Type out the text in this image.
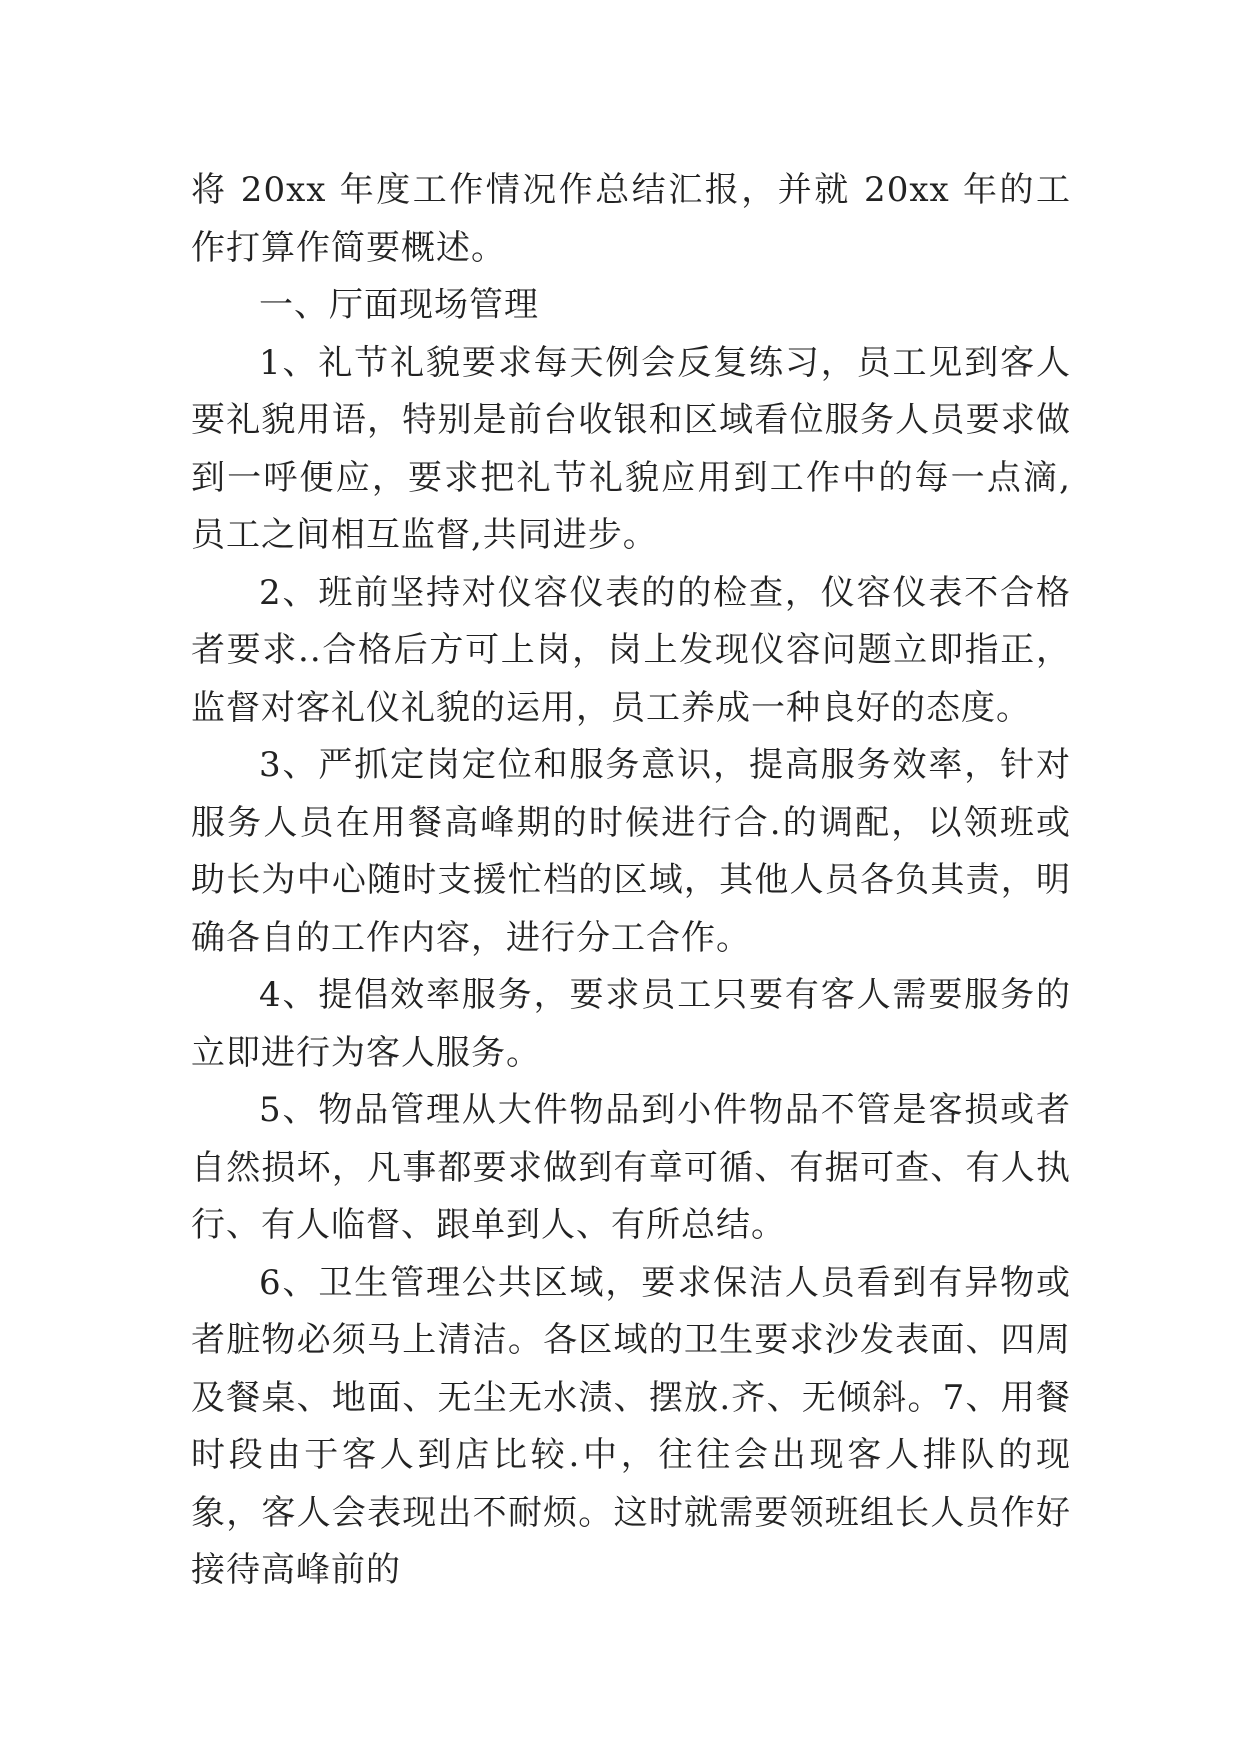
将 20xx 年度工作情况作总结汇报，并就 20xx 年的工作打算作简要概述。

一、厅面现场管理

1、礼节礼貌要求每天例会反复练习，员工见到客人要礼貌用语，特别是前台收银和区域看位服务人员要求做到一呼便应，要求把礼节礼貌应用到工作中的每一点滴,员工之间相互监督,共同进步。

2、班前坚持对仪容仪表的的检查，仪容仪表不合格者要求..合格后方可上岗，岗上发现仪容问题立即指正，监督对客礼仪礼貌的运用，员工养成一种良好的态度。

3、严抓定岗定位和服务意识，提高服务效率，针对服务人员在用餐高峰期的时候进行合.的调配，以领班或助长为中心随时支援忙档的区域，其他人员各负其责，明确各自的工作内容，进行分工合作。

4、提倡效率服务，要求员工只要有客人需要服务的立即进行为客人服务。

5、物品管理从大件物品到小件物品不管是客损或者自然损坏，凡事都要求做到有章可循、有据可查、有人执行、有人临督、跟单到人、有所总结。

6、卫生管理公共区域，要求保洁人员看到有异物或者脏物必须马上清洁。各区域的卫生要求沙发表面、四周及餐桌、地面、无尘无水渍、摆放.齐、无倾斜。7、用餐时段由于客人到店比较.中，往往会出现客人排队的现象，客人会表现出不耐烦。这时就需要领班组长人员作好接待高峰前的
